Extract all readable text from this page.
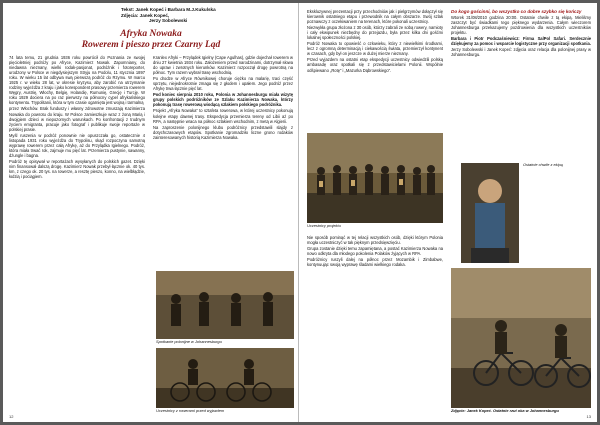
Tekst: Janek Kopeć i Barbara M.J.Kukulska
Zdjęcia: Janek Kopeć,
Jerzy Sobolewski
Afryka Nowaka
Rowerem i pieszo przez Czarny Ląd

74 lata temu, 21 grudnia 1936 roku powrócił do Poznania ze swojej pięcioletniej podróży po Afryce, Kazimierz Nowak. Zapomniany, do niedawna nieznany, wielki rodak-pasjonat, podróżnik i fotoreporter, urodzony w Polsce w niegdysiejszym Stryju na Podolu, 11 stycznia 1897 roku. W wieku 15 lat odbywa swą pierwszą podróż do Rzymu. W marcu 1925 r. w wieku 28 lat, w okresie kryzysu, aby zarobić na utrzymanie rodziny wyjeżdża z kraju i jako korespondent prasowy przemierza rowerem Węgry, Austrię, Włochy, Belgię, Holandię, Rumunię, Grecję i Turcję. W roku 1929 dociera na po raz pierwszy na północny cypel afrykańskiego kontynentu. Trypolitanii, która w tym czasie ogarnięta jest wojną i tarmalną

przez Włochów. Brak funduszy i własny zdrowotne zmuszają Kazimierza Nowaka do powrotu do kraju. W Polsce zamieszkuje wraz z żoną Marią i dwojgiem dzieci w niepozornych warunkach. Po konfrontacji z trudnym życiem emigranta, pracuje jako fotograf i publikuje swoje reportaże w polskiej prasie.

Myśl ruszenia w podróż ponownie nie opuszczała go, ostatecznie 4 listopada 1931 roku wyjeżdża do Trypolisu, skąd rozpoczyna samotną wyprawę rowerem przez całą Afrykę, aż do Przylądka Igielnego. Podróż, która miała trwać rok, zajmuje mu pięć lat. Przemierza pustynie, sawanny, dżungle i bagna.

Podróż tę opisywał w reportażach wysyłanych do polskich gazet. Dzięki nim finansował dalszą drogę. Kazimierz Nowak przebył łącznie ok. 40 tys. km, z czego ok. 20 tys. na rowerze, a resztę pieszo, konno, na wielbłądzie, łodzią i pociągiem.

Kranlex Afryki – Przylądek Igielny (Cape Agulhas), gdzie dojechał rowerem w dniu 27 kwietnia 1934 roku. Założeniem przed narodzinami, dotrzymał słowa do upraw i zwrotnych kierunków. Kazimierz rozpoczął drogę powrotną na północ. Tym razem wybrał trasę wschodnią.

Po drodze w Afryce Równikowej choruje ciężko na malarię, traci część sprzętu, niejednokrotnie zmaga się z głodem i upałem. Jego podróż przez Afrykę trwa łącznie pięć lat.

Pod koniec sierpnia 2010 roku, Polonia w Johannesburgu miała wizytę grupy polskich podróżników ze Szlaku Kazimierza Nowaka, którzy pokonują trasę rowerową wiodącą szlakiem polskiego podróżnika.

Projekt „Afryka Nowaka” to sztafeta rowerowa, w której uczestnicy pokonują kolejne etapy dawnej trasy. Ekspedycja przemierza tereny od Libii aż po RPA, a następnie wraca na północ szlakiem wschodnim, z metą w Algierii.

Na zaproszenie polonijnego klubu podróżnicy przedstawili slajdy z dotychczasowych etapów. Spotkanie zgromadziło liczne grono rodaków zainteresowanych historią Kazimierza Nowaka.

12

Ekskluzywnej prezentacji przy przechodniów jak i pielgrzymów dołączył się kierownik ostatniego etapu i przewodnik na całym obszarze. Swój szlak poznawczy z oczekiwaniem na terenach, które pokonali uczestnicy.

Niezwykła grupa złożona z 30 osób, którzy zabrali ze sobą rowery, namioty i cały ekwipunek niezbędny do przejazdu, była przez kilka dni gośćmi lokalnej społeczności polskiej.

Podróż Nowaka to opowieść o człowieku, który z niewielkimi środkami, lecz z ogromną determinacją i ciekawością świata, przemierzył kontynent w czasach, gdy był on jeszcze w dużej mierze nieznany.

Przed wyjazdem na ostatni etap ekspedycji uczestnicy odwiedzili polską ambasadę oraz spotkali się z przedstawicielami Polonii. Wspólnie odśpiewano „Rotę” i „Mazurka Dąbrowskiego”.

Uczestnicy projektu

Nie sposób pominąć w tej relacji wszystkich osób, dzięki którym Polonia mogła uczestniczyć w tak pięknym przedsięwzięciu.

Grupa zostanie dzięki temu zapamiętana, a postać Kazimierza Nowaka na nowo odkryta dla młodego pokolenia Polaków żyjących w RPA.

Podróżnicy ruszyli dalej na północ przez Mozambik i Zimbabwe, kontynuując swoją wyprawę śladami wielkiego rodaka.

Do kogo gościnni, bo wszystko co dobre szybko się kończy

Wtorek 31/08/2010 godzina 20:00. Ostatnie chwile z tą ekipą. Mieliśmy zaszczyt być świadkami tego pięknego wydarzenia. Całym wieczorem Johannesburga przekazujemy pozdrowienia dla wszystkich uczestników projektu.

Barbara i Piotr Podczaśniewicz: Firma SalPol Safari. Serdecznie dziękujemy za pomoc i wsparcie logistyczne przy organizacji spotkania.

Jerzy Sobolewski i Janek Kopeć: zdjęcia oraz relacja dla polonijnej prasy w Johannesburgu.

Ostatnie chwile z ekipą
Zdjęcie: Janek Kopeć. Ostatnie rzut oka w Johannesburgu
13
Spotkanie polonijne w Johannesburgu
Uczestnicy z rowerami przed wyjazdem
